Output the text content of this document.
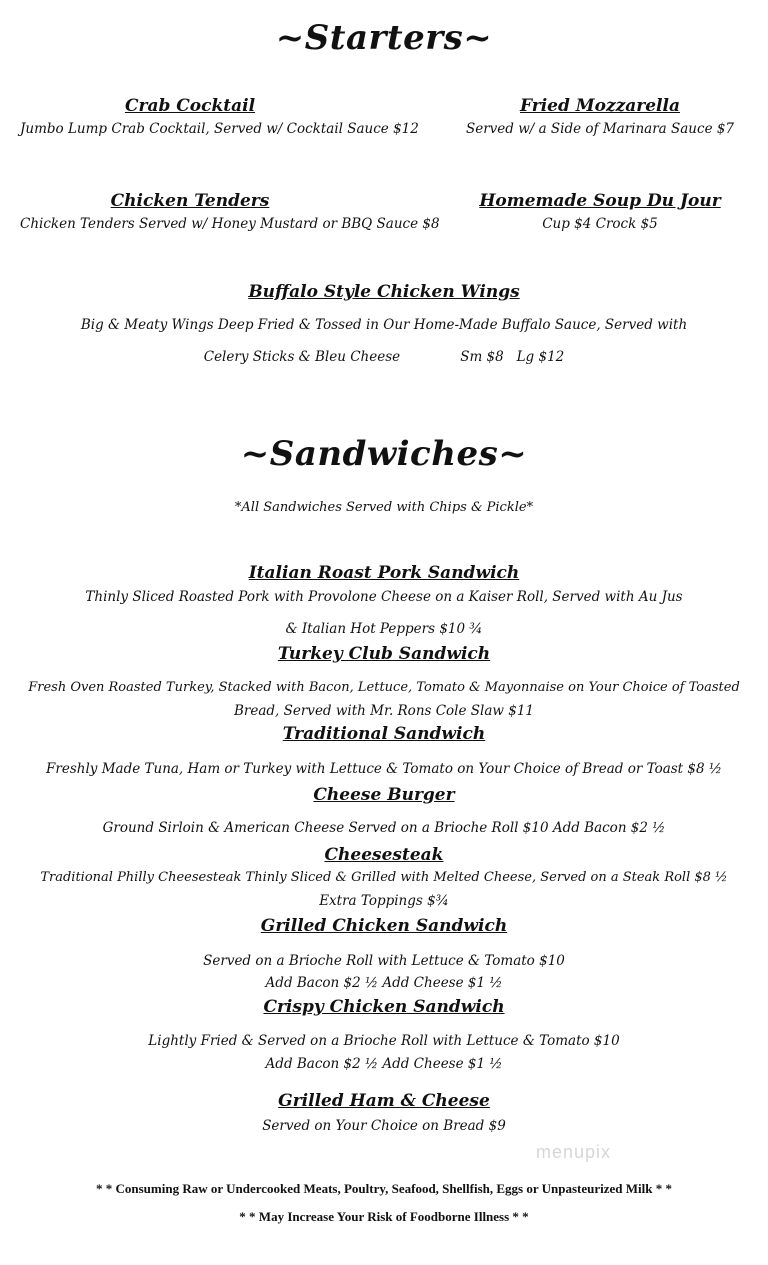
~Starters~
Crab Cocktail
Jumbo Lump Crab Cocktail, Served w/ Cocktail Sauce $12
Fried Mozzarella
Served w/ a Side of Marinara Sauce $7
Chicken Tenders
Chicken Tenders Served w/ Honey Mustard or BBQ Sauce $8
Homemade Soup Du Jour
Cup $4 Crock $5
Buffalo Style Chicken Wings
Big & Meaty Wings Deep Fried & Tossed in Our Home-Made Buffalo Sauce, Served with
Celery Sticks & Bleu Cheese              Sm $8   Lg $12
~Sandwiches~
*All Sandwiches Served with Chips & Pickle*
Italian Roast Pork Sandwich
Thinly Sliced Roasted Pork with Provolone Cheese on a Kaiser Roll, Served with Au Jus
& Italian Hot Peppers $10 ¾
Turkey Club Sandwich
Fresh Oven Roasted Turkey, Stacked with Bacon, Lettuce, Tomato & Mayonnaise on Your Choice of Toasted
Bread, Served with Mr. Rons Cole Slaw $11
Traditional Sandwich
Freshly Made Tuna, Ham or Turkey with Lettuce & Tomato on Your Choice of Bread or Toast $8 ½
Cheese Burger
Ground Sirloin & American Cheese Served on a Brioche Roll $10 Add Bacon $2 ½
Cheesesteak
Traditional Philly Cheesesteak Thinly Sliced & Grilled with Melted Cheese, Served on a Steak Roll $8 ½
Extra Toppings $¾
Grilled Chicken Sandwich
Served on a Brioche Roll with Lettuce & Tomato $10
Add Bacon $2 ½ Add Cheese $1 ½
Crispy Chicken Sandwich
Lightly Fried & Served on a Brioche Roll with Lettuce & Tomato $10
Add Bacon $2 ½ Add Cheese $1 ½
Grilled Ham & Cheese
Served on Your Choice on Bread $9
menupix
* * Consuming Raw or Undercooked Meats, Poultry, Seafood, Shellfish, Eggs or Unpasteurized Milk * *
* * May Increase Your Risk of Foodborne Illness * *
